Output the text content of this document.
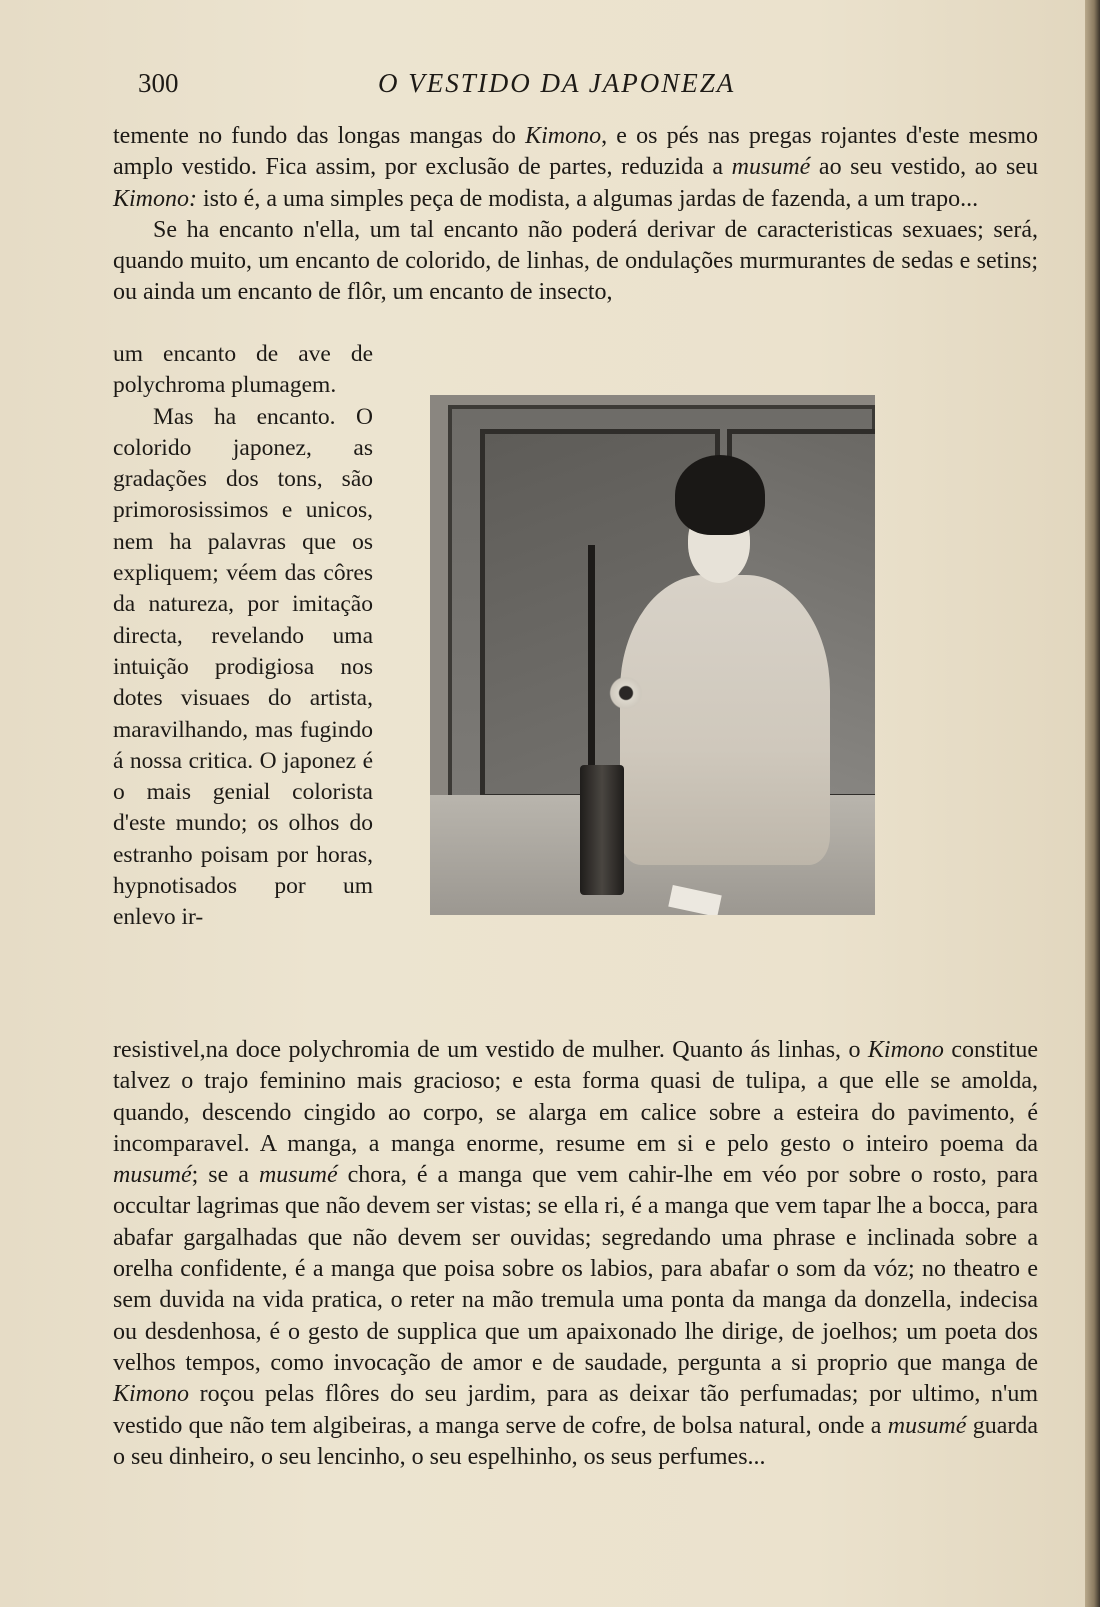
300	O VESTIDO DA JAPONEZA

temente no fundo das longas mangas do Kimono, e os pés nas pregas rojantes d'este mesmo amplo vestido. Fica assim, por exclusão de partes, reduzida a musumé ao seu vestido, ao seu Kimono: isto é, a uma simples peça de modista, a algumas jardas de fazenda, a um trapo...

Se ha encanto n'ella, um tal encanto não poderá derivar de caracteristicas sexuaes; será, quando muito, um encanto de colorido, de linhas, de ondulações murmurantes de sedas e setins; ou ainda um encanto de flôr, um encanto de insecto,

um encanto de ave de polychroma plumagem.

Mas ha encanto. O colorido japonez, as gradações dos tons, são primorosissimos e unicos, nem ha palavras que os expliquem; véem das côres da natureza, por imitação directa, revelando uma intuição prodigiosa nos dotes visuaes do artista, maravilhando, mas fugindo á nossa critica. O japonez é o mais genial colorista d'este mundo; os olhos do estranho poisam por horas, hypnotisados por um enlevo ir-

resistivel,na doce polychromia de um vestido de mulher. Quanto ás linhas, o Kimono constitue talvez o trajo feminino mais gracioso; e esta forma quasi de tulipa, a que elle se amolda, quando, descendo cingido ao corpo, se alarga em calice sobre a esteira do pavimento, é incomparavel. A manga, a manga enorme, resume em si e pelo gesto o inteiro poema da musumé; se a musumé chora, é a manga que vem cahir-lhe em véo por sobre o rosto, para occultar lagrimas que não devem ser vistas; se ella ri, é a manga que vem tapar lhe a bocca, para abafar gargalhadas que não devem ser ouvidas; segredando uma phrase e inclinada sobre a orelha confidente, é a manga que poisa sobre os labios, para abafar o som da vóz; no theatro e sem duvida na vida pratica, o reter na mão tremula uma ponta da manga da donzella, indecisa ou desdenhosa, é o gesto de supplica que um apaixonado lhe dirige, de joelhos; um poeta dos velhos tempos, como invocação de amor e de saudade, pergunta a si proprio que manga de Kimono roçou pelas flôres do seu jardim, para as deixar tão perfumadas; por ultimo, n'um vestido que não tem algibeiras, a manga serve de cofre, de bolsa natural, onde a musumé guarda o seu dinheiro, o seu lencinho, o seu espelhinho, os seus perfumes...
